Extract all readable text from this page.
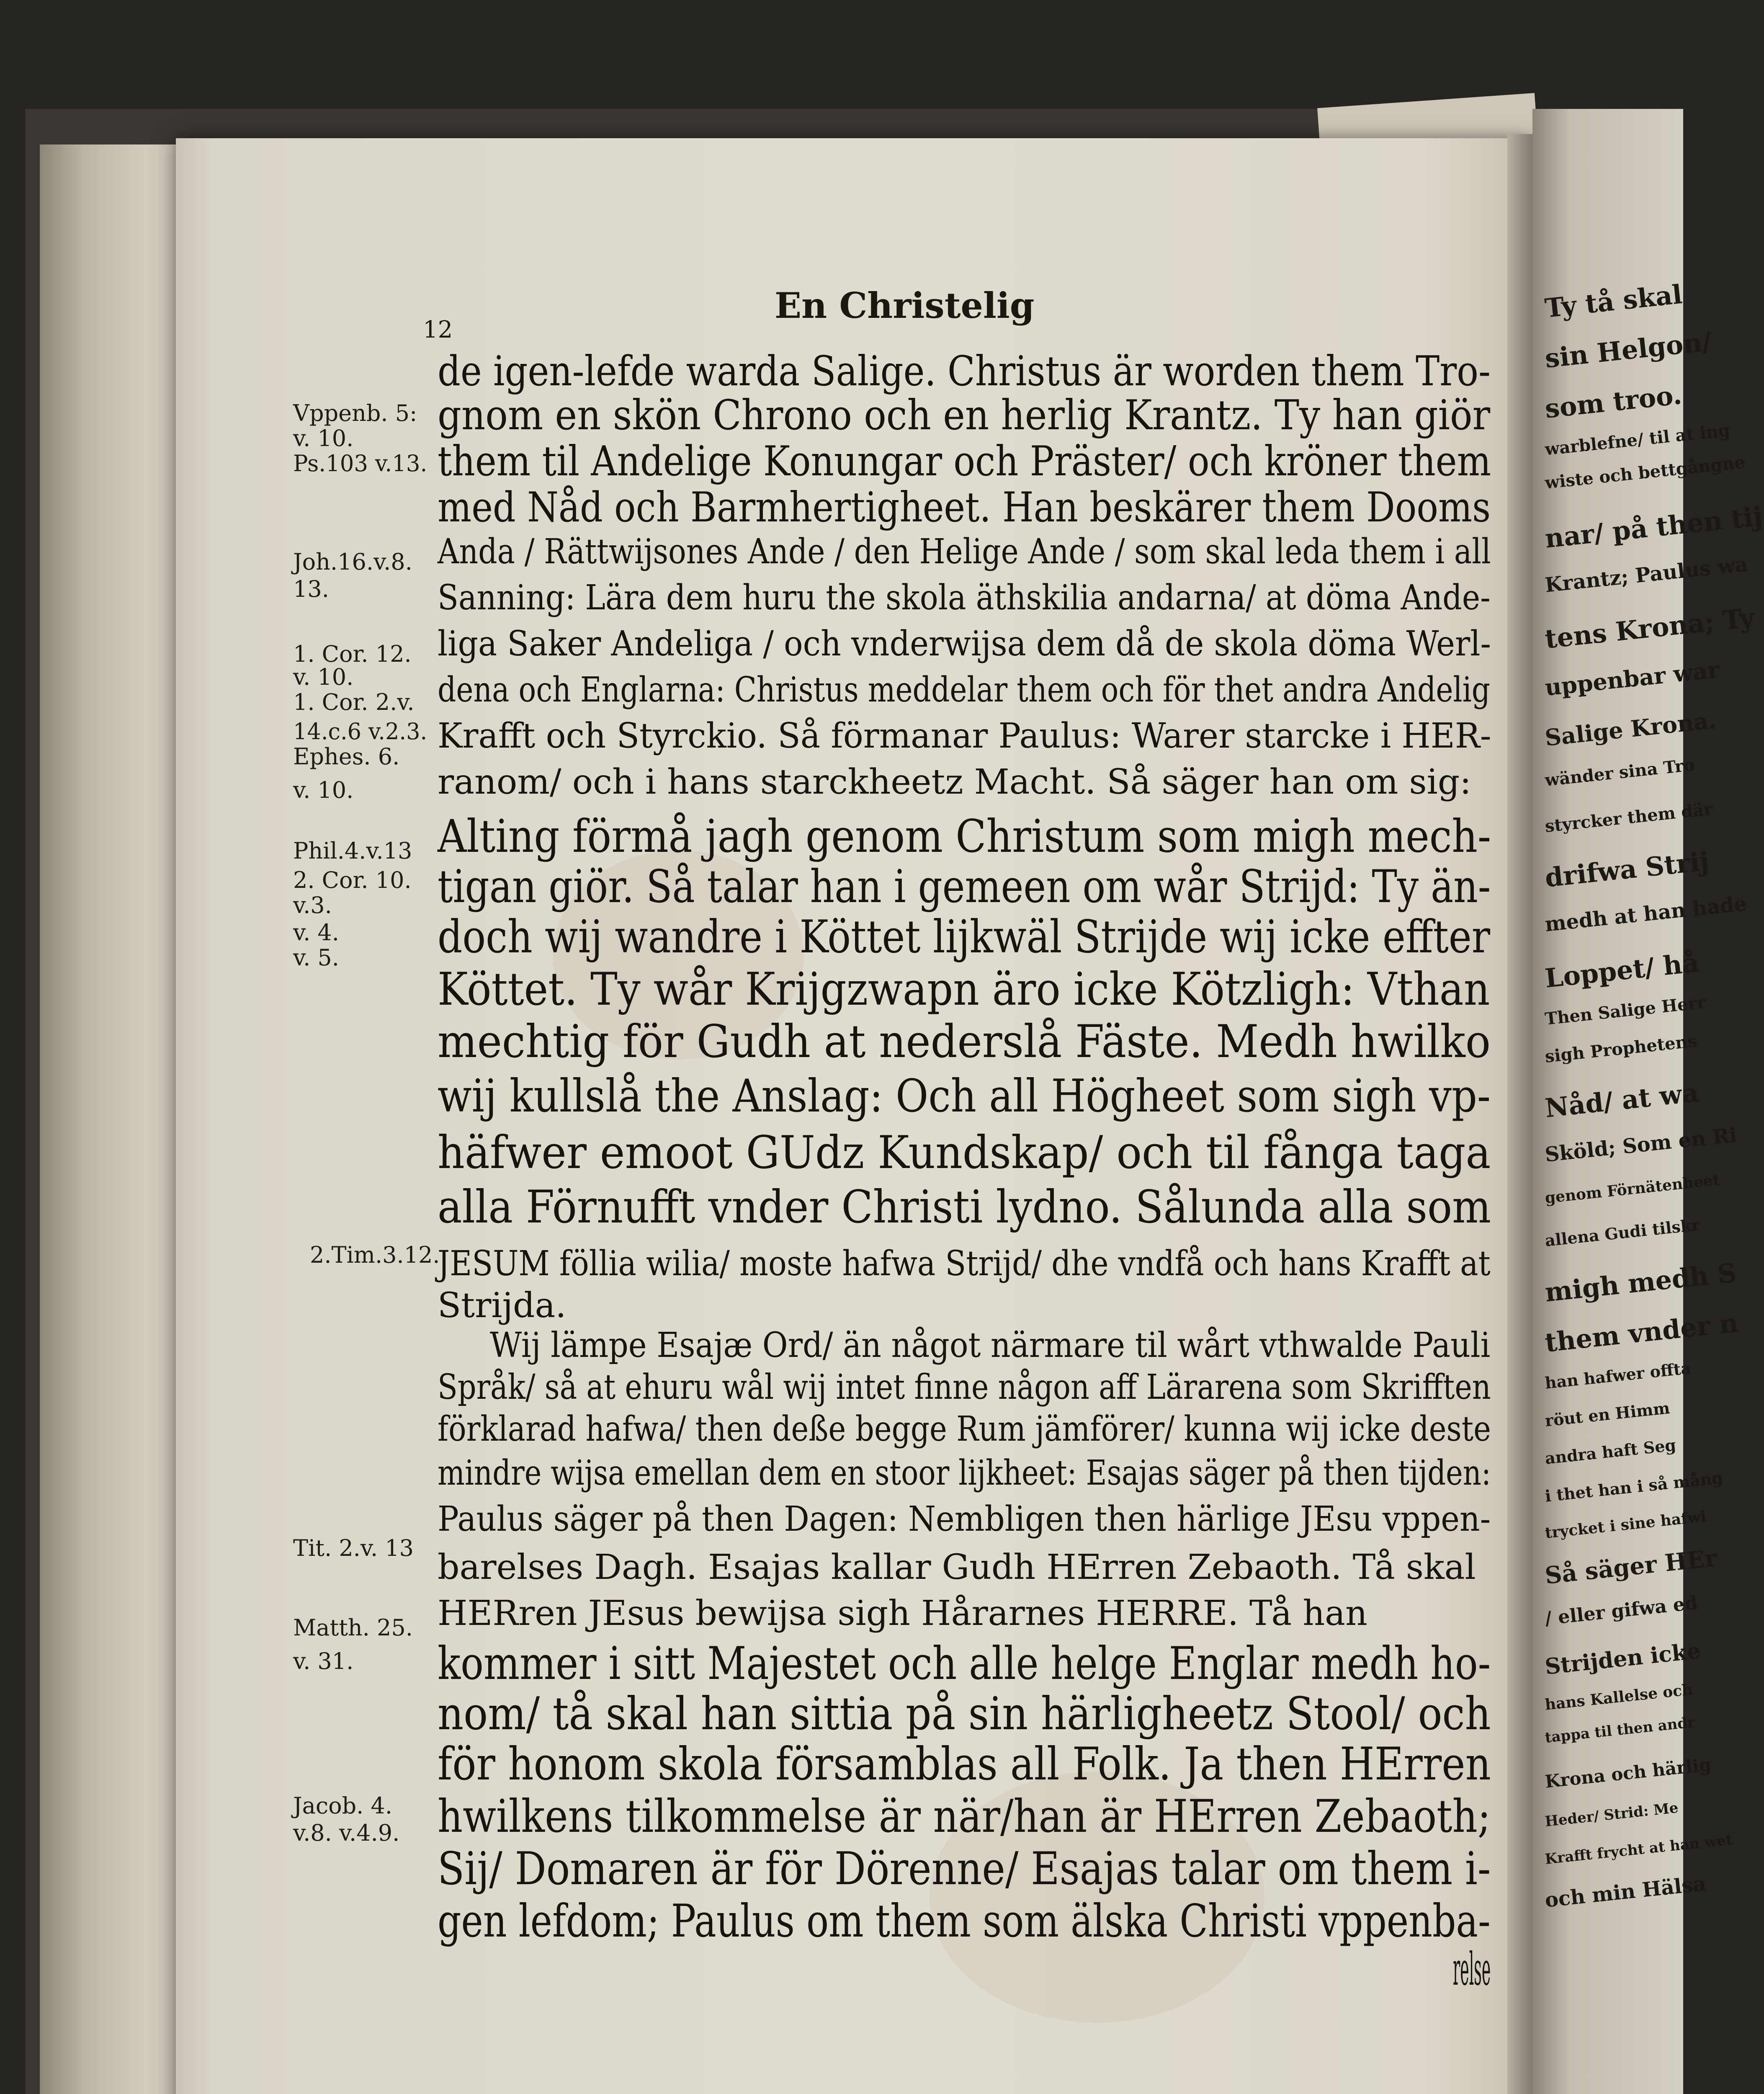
12
En Christelig
de igen-lefde warda Salige. Christus är worden them Tro-
gnom en skön Chrono och en herlig Krantz. Ty han giör
them til Andelige Konungar och Präster/ och kröner them
med Nåd och Barmhertigheet. Han beskärer them Dooms
Anda / Rättwijsones Ande / den Helige Ande / som skal leda them i all
Sanning: Lära dem huru the skola äthskilia andarna/ at döma Ande-
liga Saker Andeliga / och vnderwijsa dem då de skola döma Werl-
dena och Englarna: Christus meddelar them och för thet andra Andelig
Krafft och Styrckio. Så förmanar Paulus: Warer starcke i HER-
ranom/ och i hans starckheetz Macht. Så säger han om sig:
Alting förmå jagh genom Christum som migh mech-
tigan giör. Så talar han i gemeen om wår Strijd: Ty än-
doch wij wandre i Köttet lijkwäl Strijde wij icke effter
Köttet. Ty wår Krijgzwapn äro icke Kötzligh: Vthan
mechtig för Gudh at nederslå Fäste. Medh hwilko
wij kullslå the Anslag: Och all Högheet som sigh vp-
häfwer emoot GUdz Kundskap/ och til fånga taga
alla Förnufft vnder Christi lydno. Sålunda alla som
JESUM föllia wilia/ moste hafwa Strijd/ dhe vndfå och hans Krafft at
Strijda.
Wij lämpe Esajæ Ord/ än något närmare til wårt vthwalde Pauli
Språk/ så at ehuru wål wij intet finne någon aff Lärarena som Skrifften
förklarad hafwa/ then deße begge Rum jämförer/ kunna wij icke deste
mindre wijsa emellan dem en stoor lijkheet: Esajas säger på then tijden:
Paulus säger på then Dagen: Nembligen then härlige JEsu vppen-
barelses Dagh. Esajas kallar Gudh HErren Zebaoth. Tå skal
HERren JEsus bewijsa sigh Hårarnes HERRE. Tå han
kommer i sitt Majestet och alle helge Englar medh ho-
nom/ tå skal han sittia på sin härligheetz Stool/ och
för honom skola församblas all Folk. Ja then HErren
hwilkens tilkommelse är när/han är HErren Zebaoth;
Sij/ Domaren är för Dörenne/ Esajas talar om them i-
gen lefdom; Paulus om them som älska Christi vppenba-
relse
Vppenb. 5:
v. 10.
Ps.103 v.13.
Joh.16.v.8.
13.
1. Cor. 12.
v. 10.
1. Cor. 2.v.
14.c.6 v.2.3.
Ephes. 6.
v. 10.
Phil.4.v.13
2. Cor. 10.
v.3.
v. 4.
v. 5.
2.Tim.3.12.
Tit. 2.v. 13
Matth. 25.
v. 31.
Jacob. 4.
v.8. v.4.9.
Ty tå skal
sin Helgon/
som troo.
warblefne/ til at ing
wiste och bettgångne
nar/ på then tij
Krantz; Paulus wa
tens Krona; Ty
uppenbar war
Salige Krona.
wänder sina Tro
styrcker them där
drifwa Strij
medh at han hade
Loppet/ hå
Then Salige Herr
sigh Prophetens
Nåd/ at wa
Sköld; Som en Ri
genom Förnätenheet
allena Gudi tilskr
migh medh S
them vnder n
han hafwer offta
röut en Himm
andra haft Seg
i thet han i så mång
trycket i sine hafwi
Så säger HEr
/ eller gifwa ed
Strijden icke
hans Kallelse och
tappa til then andr
Krona och härlig
Heder/ Strid: Me
Krafft frycht at han wet
och min Hälsa
